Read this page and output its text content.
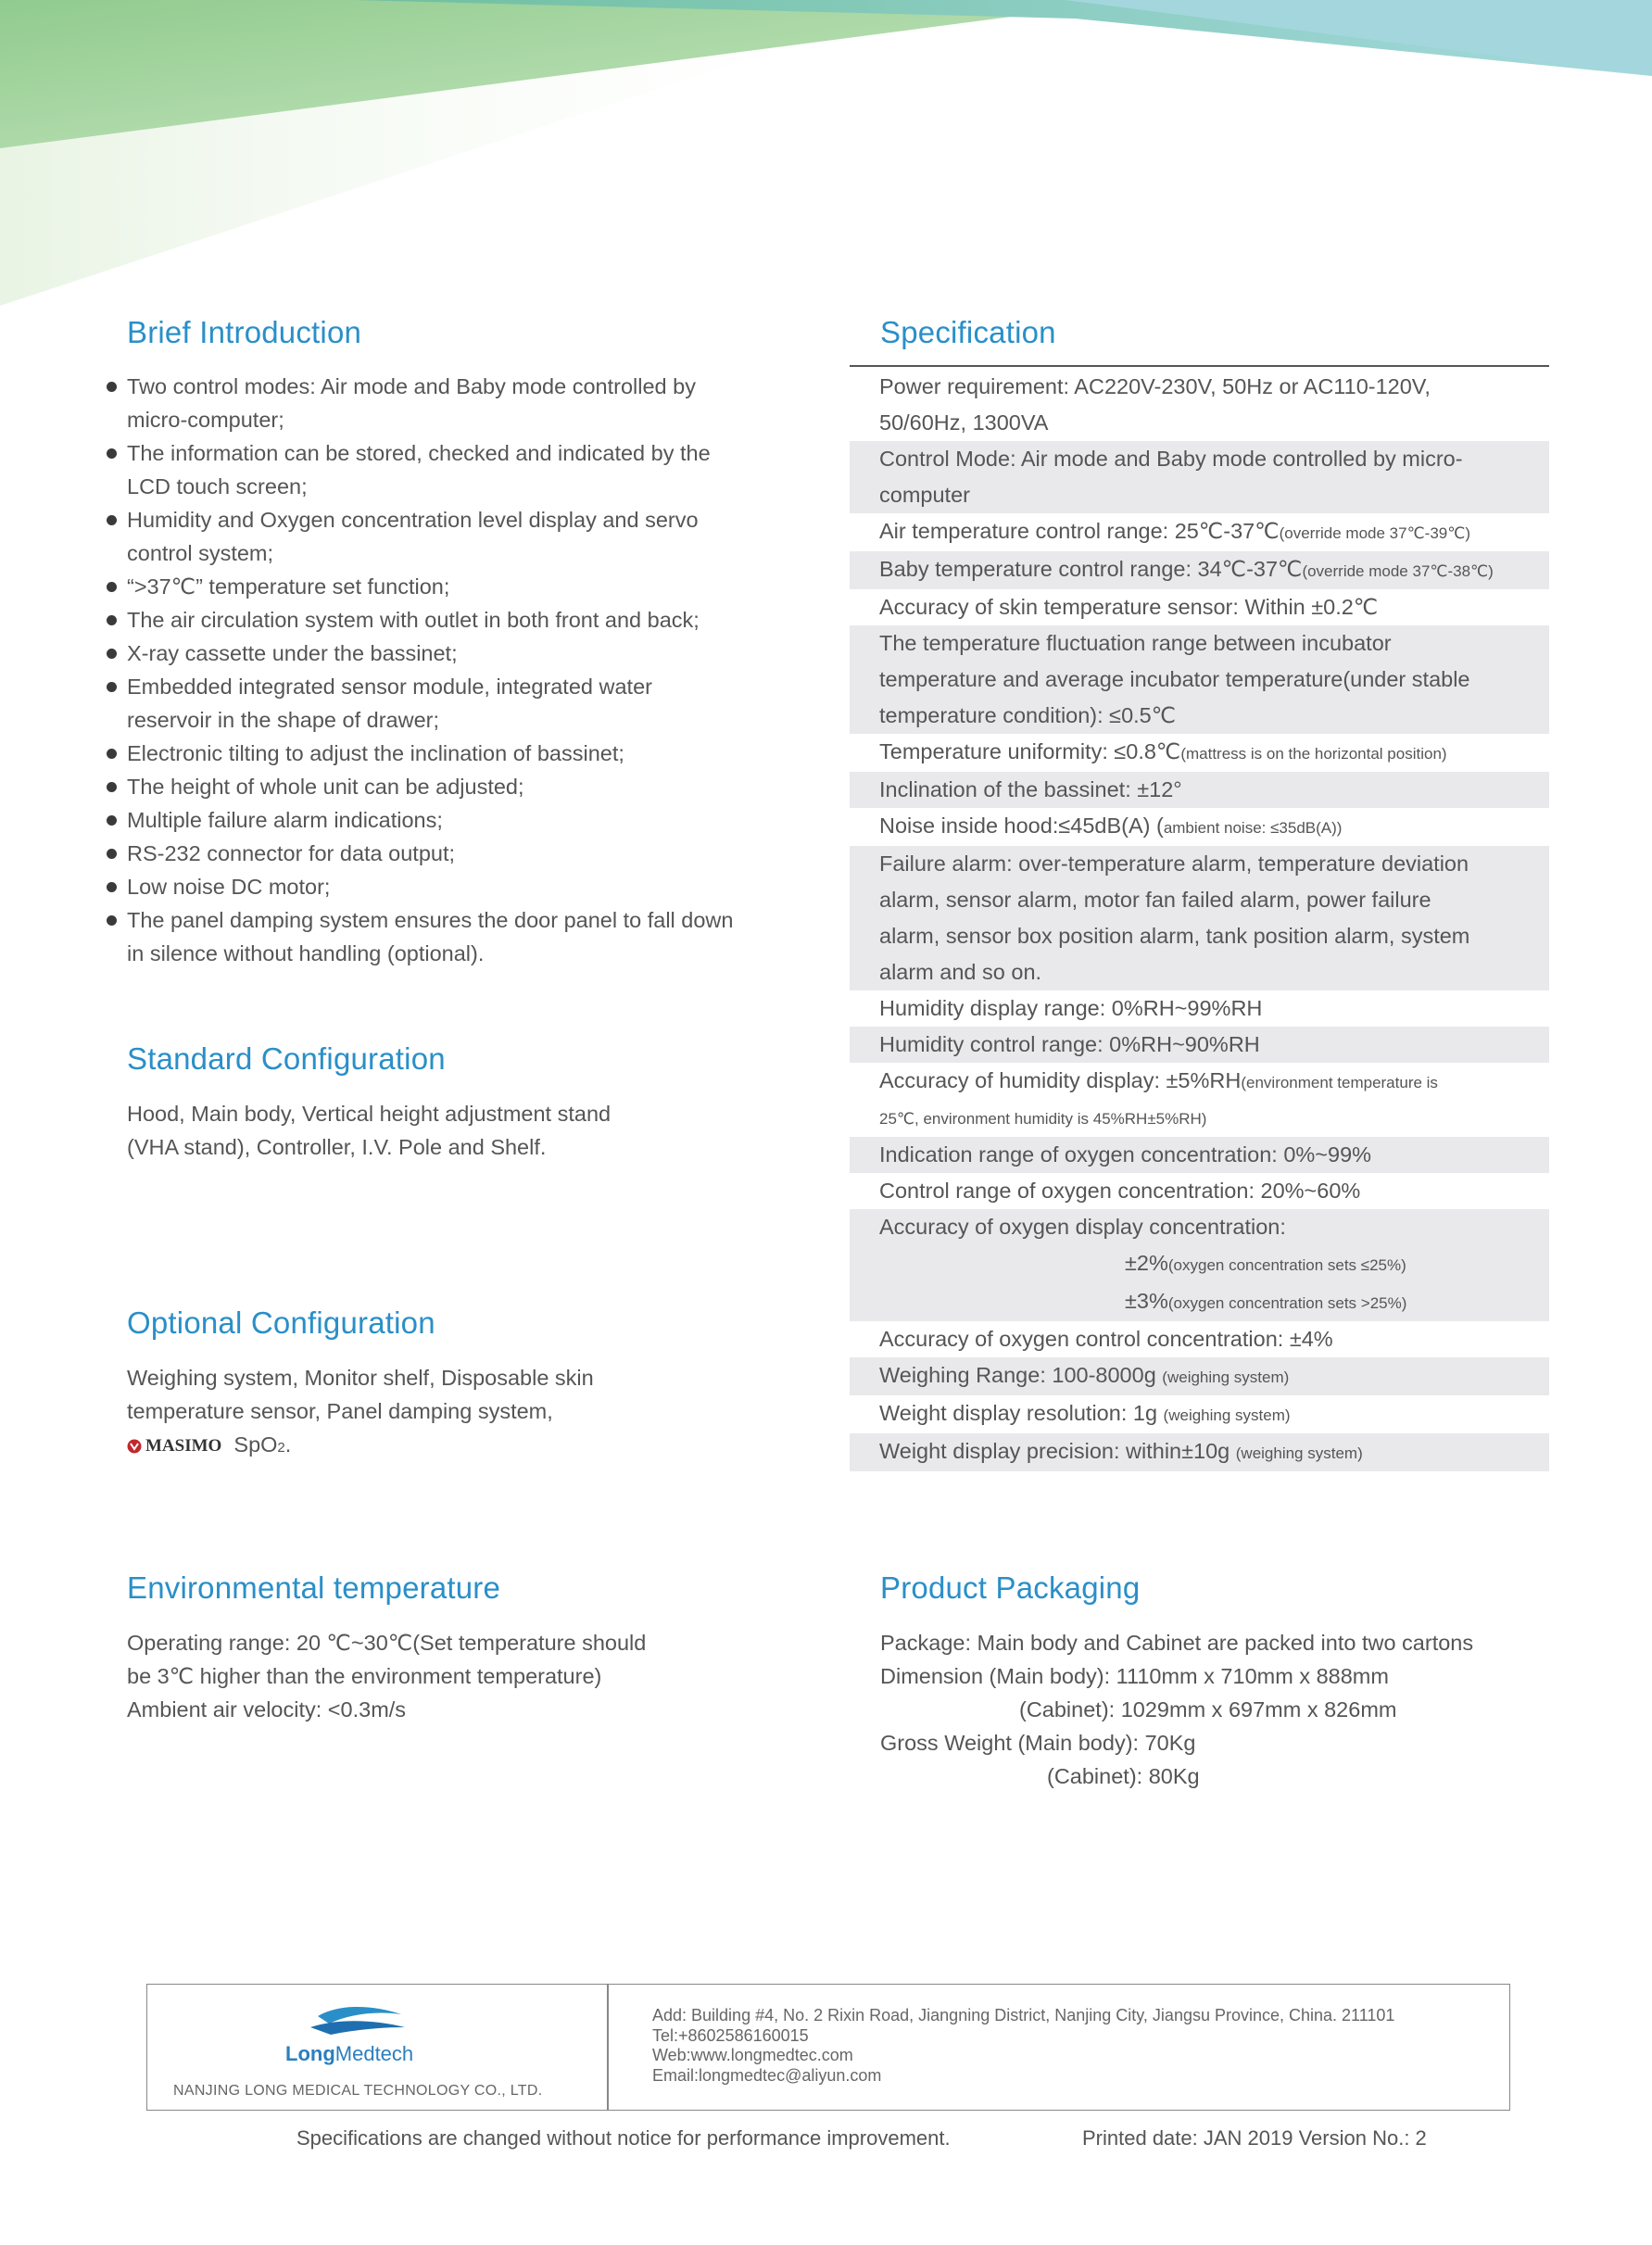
Brief Introduction
Two control modes: Air mode and Baby mode controlled by micro-computer;
The information can be stored, checked and indicated by the LCD touch screen;
Humidity and Oxygen concentration level display and servo control system;
“>37℃” temperature set function;
The air circulation system with outlet in both front and back;
X-ray cassette under the bassinet;
Embedded integrated sensor module, integrated water reservoir in the shape of drawer;
Electronic tilting to adjust the inclination of bassinet;
The height of whole unit can be adjusted;
Multiple failure alarm indications;
RS-232 connector for data output;
Low noise DC motor;
The panel damping system ensures the door panel to fall down in silence without handling (optional).
Standard Configuration
Hood, Main body, Vertical height adjustment stand
(VHA stand), Controller, I.V. Pole and Shelf.
Optional Configuration
Weighing system, Monitor shelf, Disposable skin
temperature sensor, Panel damping system,
MASIMO SpO2.
Environmental temperature
Operating range: 20 ℃~30℃(Set temperature should
be 3℃ higher than the environment temperature)
Ambient air velocity: <0.3m/s
Specification
Power requirement: AC220V-230V, 50Hz or AC110-120V,
50/60Hz, 1300VA
Control Mode: Air mode and Baby mode controlled by micro-
computer
Air temperature control range: 25℃-37℃(override mode 37℃-39℃)
Baby temperature control range: 34℃-37℃(override mode 37℃-38℃)
Accuracy of skin temperature sensor: Within ±0.2℃
The temperature fluctuation range between incubator
temperature and average incubator temperature(under stable
temperature condition): ≤0.5℃
Temperature uniformity: ≤0.8℃(mattress is on the horizontal position)
Inclination of the bassinet: ±12°
Noise inside hood:≤45dB(A) (ambient noise: ≤35dB(A))
Failure alarm: over-temperature alarm, temperature deviation
alarm, sensor alarm, motor fan failed alarm, power failure
alarm, sensor box position alarm, tank position alarm, system
alarm and so on.
Humidity display range: 0%RH~99%RH
Humidity control range: 0%RH~90%RH
Accuracy of humidity display: ±5%RH(environment temperature is
25℃, environment humidity is 45%RH±5%RH)
Indication range of oxygen concentration: 0%~99%
Control range of oxygen concentration: 20%~60%
Accuracy of oxygen display concentration:
±2%(oxygen concentration sets ≤25%)
±3%(oxygen concentration sets >25%)
Accuracy of oxygen control concentration: ±4%
Weighing Range: 100-8000g (weighing system)
Weight display resolution: 1g (weighing system)
Weight display precision: within±10g (weighing system)
Product Packaging
Package: Main body and Cabinet are packed into two cartons
Dimension (Main body): 1110mm x 710mm x 888mm
(Cabinet): 1029mm x 697mm x 826mm
Gross Weight (Main body): 70Kg
(Cabinet): 80Kg
LongMedtech
NANJING LONG MEDICAL TECHNOLOGY CO., LTD.
Add: Building #4, No. 2 Rixin Road, Jiangning District, Nanjing City, Jiangsu Province, China. 211101
Tel:+8602586160015
Web:www.longmedtec.com
Email:longmedtec@aliyun.com
Specifications are changed without notice for performance improvement.	Printed date: JAN 2019 Version No.: 2
